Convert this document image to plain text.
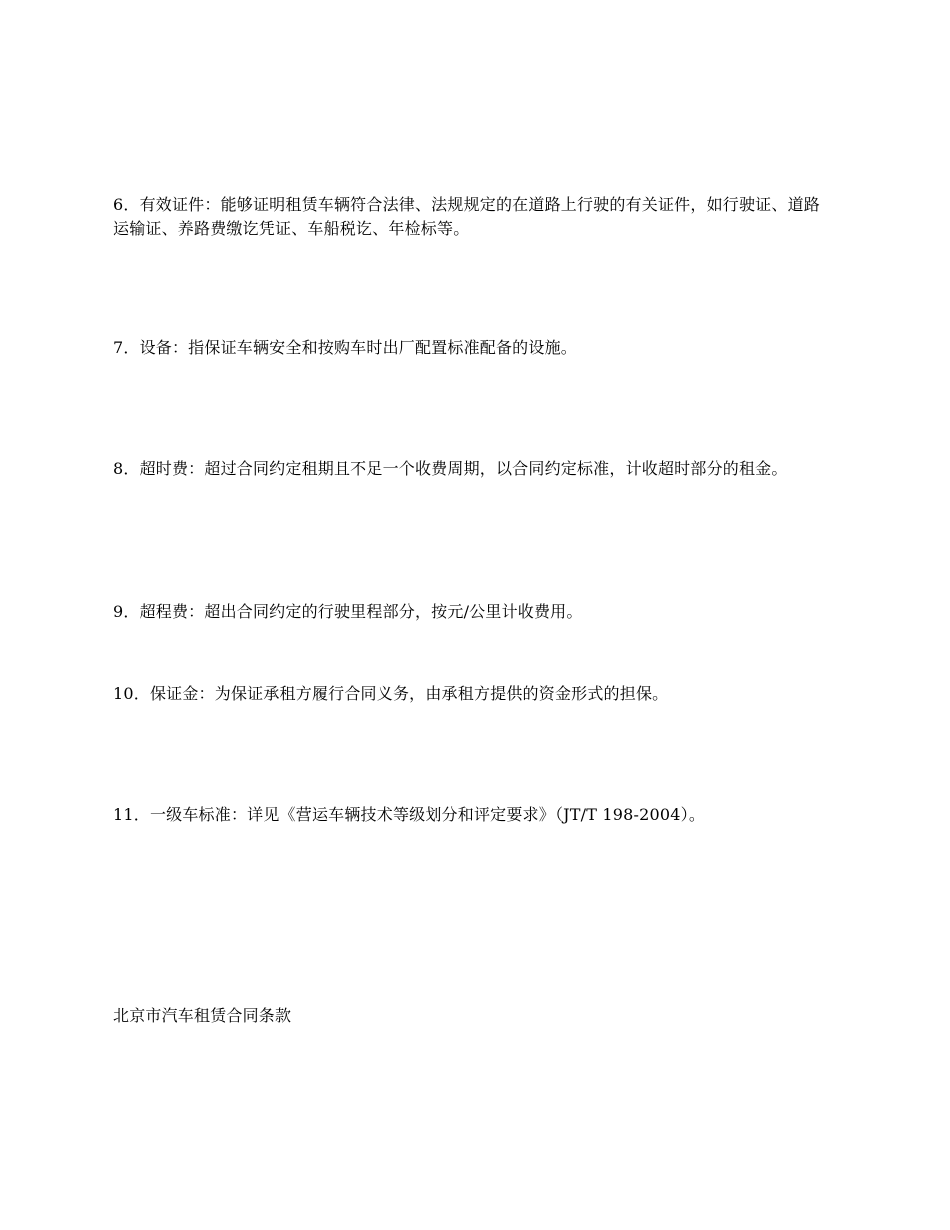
6．有效证件：能够证明租赁车辆符合法律、法规规定的在道路上行驶的有关证件，如行驶证、道路运输证、养路费缴讫凭证、车船税讫、年检标等。

7．设备：指保证车辆安全和按购车时出厂配置标准配备的设施。

8．超时费：超过合同约定租期且不足一个收费周期，以合同约定标准，计收超时部分的租金。

9．超程费：超出合同约定的行驶里程部分，按元/公里计收费用。

10．保证金：为保证承租方履行合同义务，由承租方提供的资金形式的担保。

11．一级车标准：详见《营运车辆技术等级划分和评定要求》（JT/T 198-2004）。

北京市汽车租赁合同条款
